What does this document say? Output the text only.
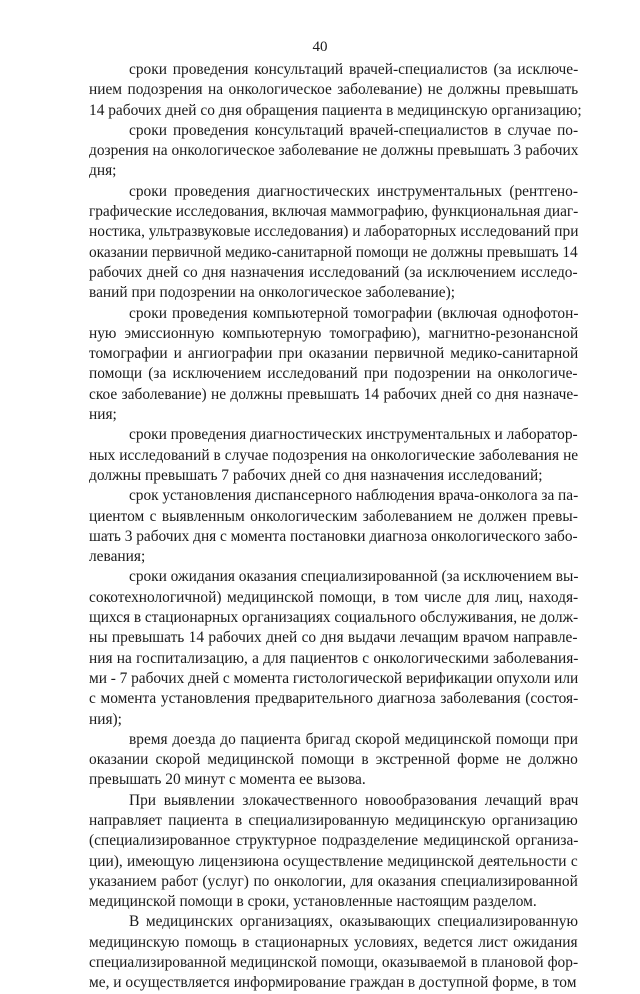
40
сроки проведения консультаций врачей-специалистов (за исключе-
нием подозрения на онкологическое заболевание) не должны превышать
14 рабочих дней со дня обращения пациента в медицинскую организацию;
сроки проведения консультаций врачей-специалистов в случае по-
дозрения на онкологическое заболевание не должны превышать 3 рабочих
дня;
сроки проведения диагностических инструментальных (рентгено-
графические исследования, включая маммографию, функциональная диаг-
ностика, ультразвуковые исследования) и лабораторных исследований при
оказании первичной медико-санитарной помощи не должны превышать 14
рабочих дней со дня назначения исследований (за исключением исследо-
ваний при подозрении на онкологическое заболевание);
сроки проведения компьютерной томографии (включая однофотон-
ную эмиссионную компьютерную томографию), магнитно-резонансной
томографии и ангиографии при оказании первичной медико-санитарной
помощи (за исключением исследований при подозрении на онкологиче-
ское заболевание) не должны превышать 14 рабочих дней со дня назначе-
ния;
сроки проведения диагностических инструментальных и лаборатор-
ных исследований в случае подозрения на онкологические заболевания не
должны превышать 7 рабочих дней со дня назначения исследований;
срок установления диспансерного наблюдения врача-онколога за па-
циентом с выявленным онкологическим заболеванием не должен превы-
шать 3 рабочих дня с момента постановки диагноза онкологического забо-
левания;
сроки ожидания оказания специализированной (за исключением вы-
сокотехнологичной) медицинской помощи, в том числе для лиц, находя-
щихся в стационарных организациях социального обслуживания, не долж-
ны превышать 14 рабочих дней со дня выдачи лечащим врачом направле-
ния на госпитализацию, а для пациентов с онкологическими заболевания-
ми - 7 рабочих дней с момента гистологической верификации опухоли или
с момента установления предварительного диагноза заболевания (состоя-
ния);
время доезда до пациента бригад скорой медицинской помощи при
оказании скорой медицинской помощи в экстренной форме не должно
превышать 20 минут с момента ее вызова.
При выявлении злокачественного новообразования лечащий врач
направляет пациента в специализированную медицинскую организацию
(специализированное структурное подразделение медицинской организа-
ции), имеющую лицензиюна осуществление медицинской деятельности с
указанием работ (услуг) по онкологии, для оказания специализированной
медицинской помощи в сроки, установленные настоящим разделом.
В медицинских организациях, оказывающих специализированную
медицинскую помощь в стационарных условиях, ведется лист ожидания
специализированной медицинской помощи, оказываемой в плановой фор-
ме, и осуществляется информирование граждан в доступной форме, в том
